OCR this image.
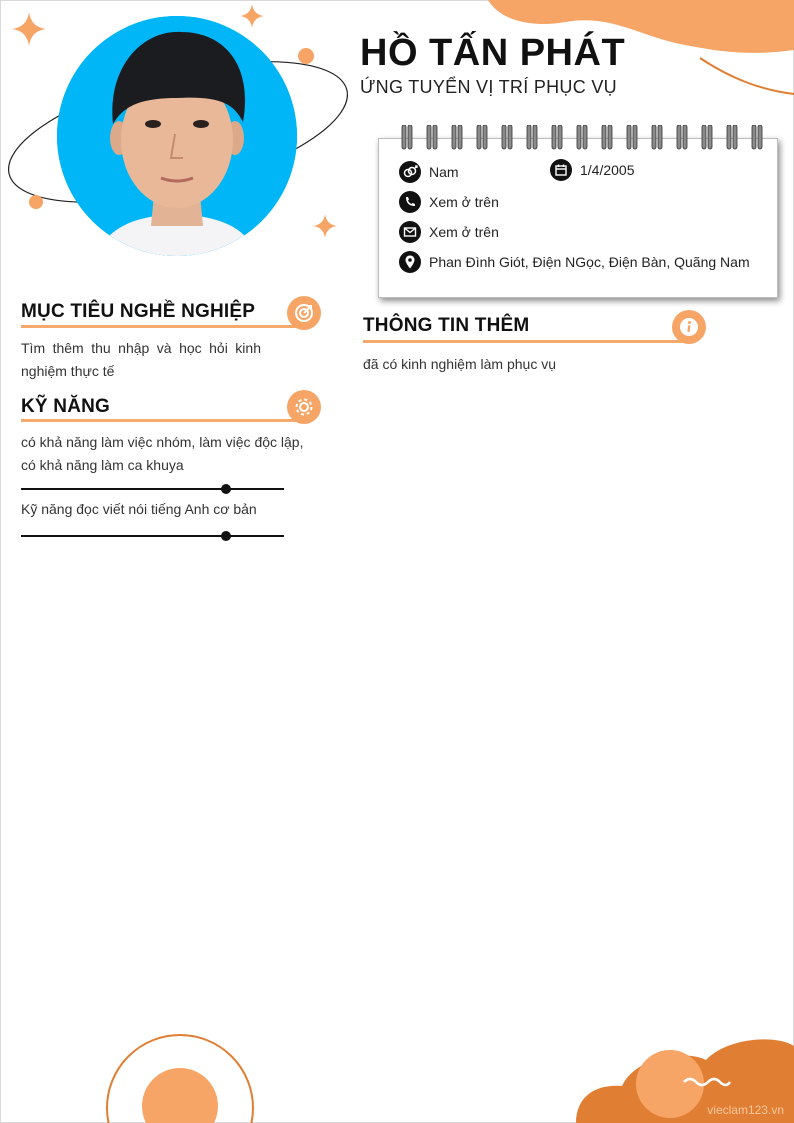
HỒ TẤN PHÁT
ỨNG TUYỂN VỊ TRÍ PHỤC VỤ
Nam	1/4/2005
Xem ở trên
Xem ở trên
Phan Đình Giót, Điện NGọc, Điện Bàn, Quãng Nam
MỤC TIÊU NGHỀ NGHIỆP
Tìm thêm thu nhập và học hỏi kinh nghiệm thực tế
KỸ NĂNG
có khả năng làm việc nhóm, làm việc độc lập, có khả năng làm ca khuya
Kỹ năng đọc viết nói tiếng Anh cơ bản
THÔNG TIN THÊM
đã có kinh nghiệm làm phục vụ
vieclam123.vn
